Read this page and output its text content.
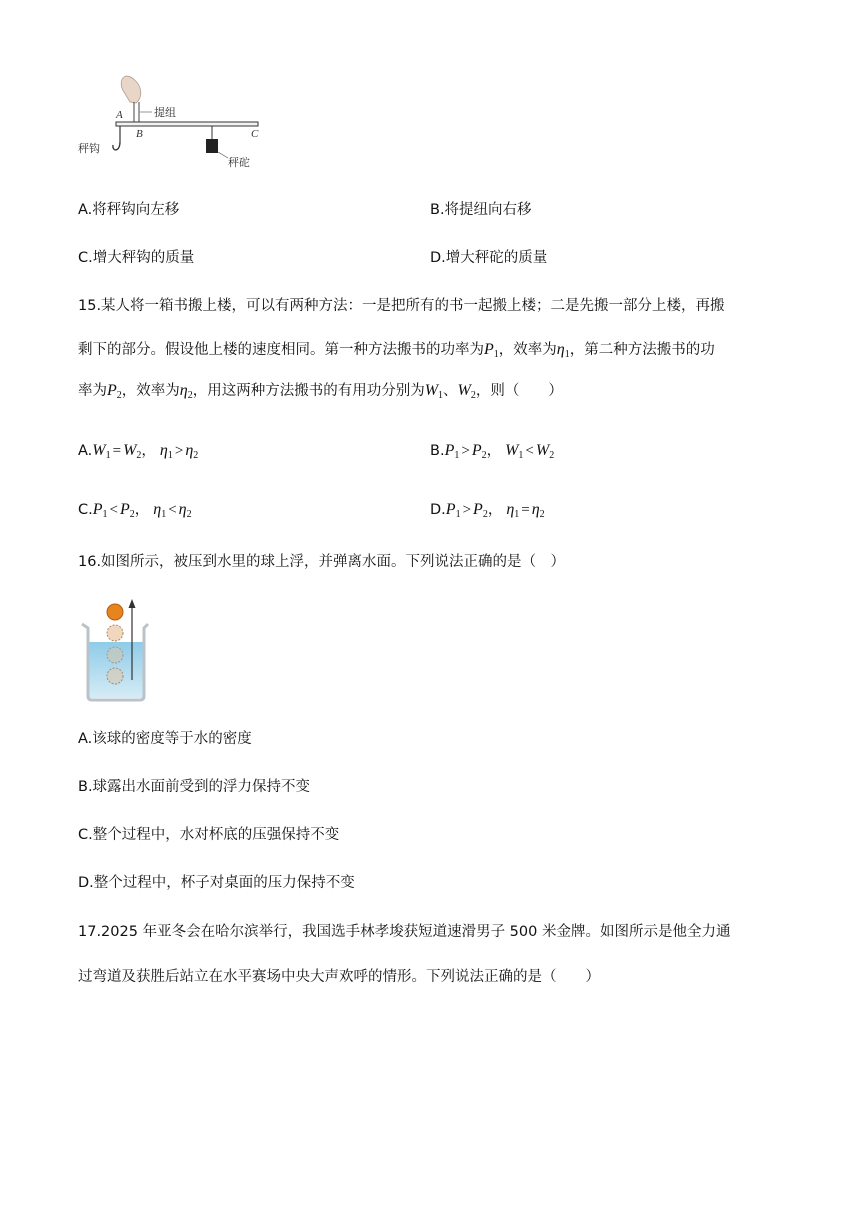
A
B	C
提组
秤钩
秤砣
A.将秤钩向左移	B.将提纽向右移
C.增大秤钩的质量	D.增大秤砣的质量
15.某人将一箱书搬上楼，可以有两种方法：一是把所有的书一起搬上楼；二是先搬一部分上楼，再搬
剩下的部分。假设他上楼的速度相同。第一种方法搬书的功率为$P_1$，效率为$\eta_1$，第二种方法搬书的功
率为$P_2$，效率为$\eta_2$，用这两种方法搬书的有用功分别为$W_1$、$W_2$，则（　　）
$A.W_1 = W_2$， $\eta_1 > \eta_2$	$B.P_1 > P_2$， $W_1 < W_2$
$C.P_1 < P_2$， $\eta_1 < \eta_2$	$D.P_1 > P_2$， $\eta_1 = \eta_2$
16.如图所示，被压到水里的球上浮，并弹离水面。下列说法正确的是（　）
A.该球的密度等于水的密度
B.球露出水面前受到的浮力保持不变
C.整个过程中，水对杯底的压强保持不变
D.整个过程中，杯子对桌面的压力保持不变
17.2025 年亚冬会在哈尔滨举行，我国选手林孝埈获短道速滑男子 500 米金牌。如图所示是他全力通
过弯道及获胜后站立在水平赛场中央大声欢呼的情形。下列说法正确的是（　　）
